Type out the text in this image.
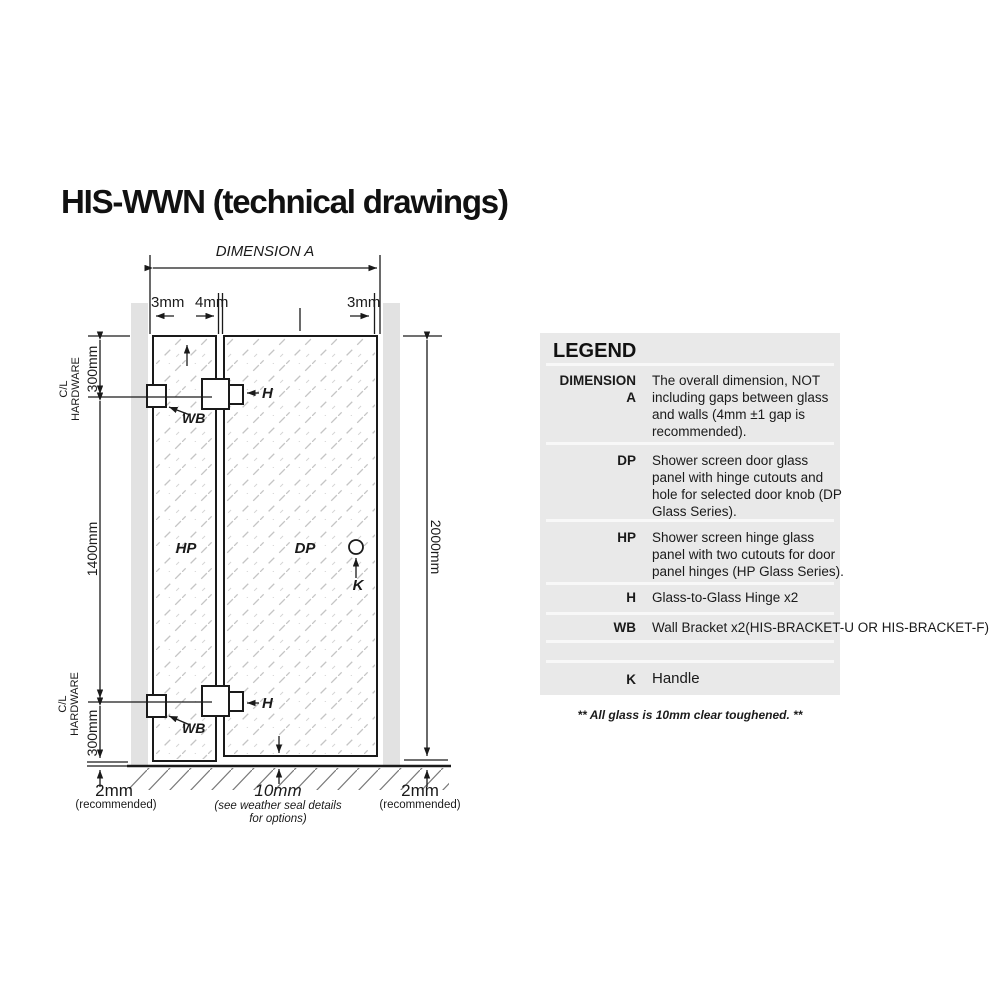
HIS-WWN (technical drawings)
DIMENSION A
3mm 4mm	3mm
C/L HARDWARE 300mm
1400mm
C/L HARDWARE 300mm
2000mm
2mm
(recommended)
10mm
(see weather seal details for options)
2mm
(recommended)
HP	DP
H
H
WB
WB
K
LEGEND
DIMENSION A
The overall dimension, NOT including gaps between glass and walls (4mm ±1 gap is recommended).
DP Shower screen door glass panel with hinge cutouts and hole for selected door knob (DP Glass Series).
HP Shower screen hinge glass panel with two cutouts for door panel hinges (HP Glass Series).
H Glass-to-Glass Hinge x2
WB Wall Bracket x2(HIS-BRACKET-U OR HIS-BRACKET-F)
K Handle
** All glass is 10mm clear toughened. **
